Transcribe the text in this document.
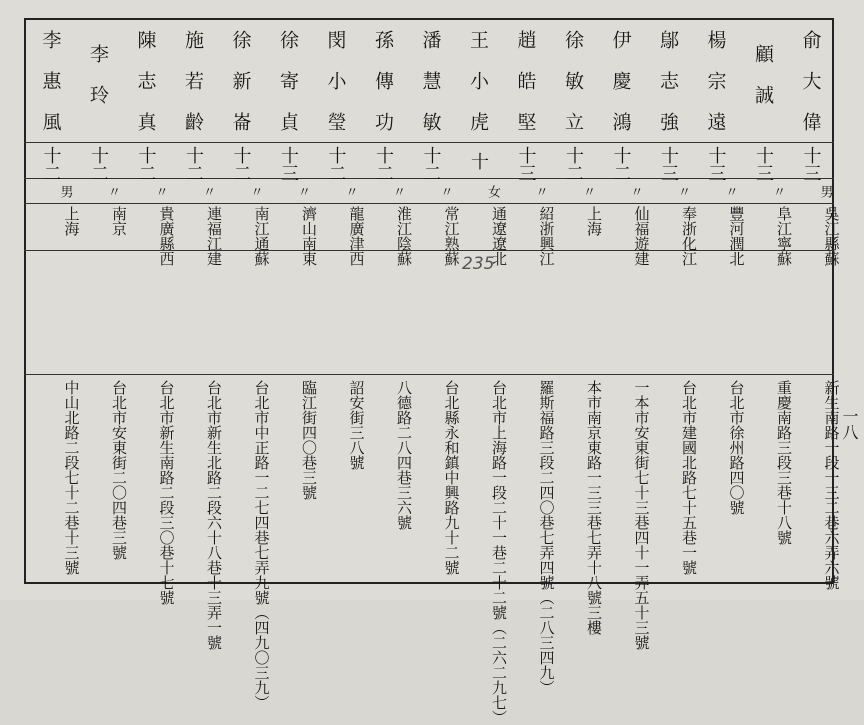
俞大偉
十三
男
吳江縣蘇
新生南路一段一三二巷六弄六號
顧誠
十三
〃
阜江寧蘇
重慶南路三段三巷十八號
楊宗遠
十三
〃
豐河潤北
台北市徐州路四〇號
鄔志強
十三
〃
奉浙化江
台北市建國北路七十五巷一號
伊慶鴻
十二
〃
仙福遊建
一本市安東街七十三巷四十一弄五十三號
徐敏立
十二
〃
上海
本市南京東路一三三巷七弄十八號三樓
趙皓堅
十三
〃
紹浙興江
羅斯福路三段二四〇巷七弄四號（二八三四九）
王小虎
十
女
通遼遼北
台北市上海路一段二十一巷二十二號（二六二九七）
潘慧敏
十二
〃
常江熟蘇
台北縣永和鎮中興路九十二號
孫傳功
十二
〃
淮江陰蘇
八德路二八四巷三六號
閔小瑩
十二
〃
龍廣津西
詔安街三八號
徐寄貞
十三
〃
濟山南東
臨江街四〇巷三號
徐新崙
十二
〃
南江通蘇
台北市中正路一二七四巷七弄九號（四九〇三九）
施若齡
十二
〃
連福江建
台北市新生北路二段六十八巷十三弄一號
陳志真
十二
〃
貴廣縣西
台北市新生南路二段三〇巷十七號
李玲
十二
〃
南京
台北市安東街二〇四巷三號
李惠風
十二
男
上海
中山北路二段七十二巷十三號
235
一八
